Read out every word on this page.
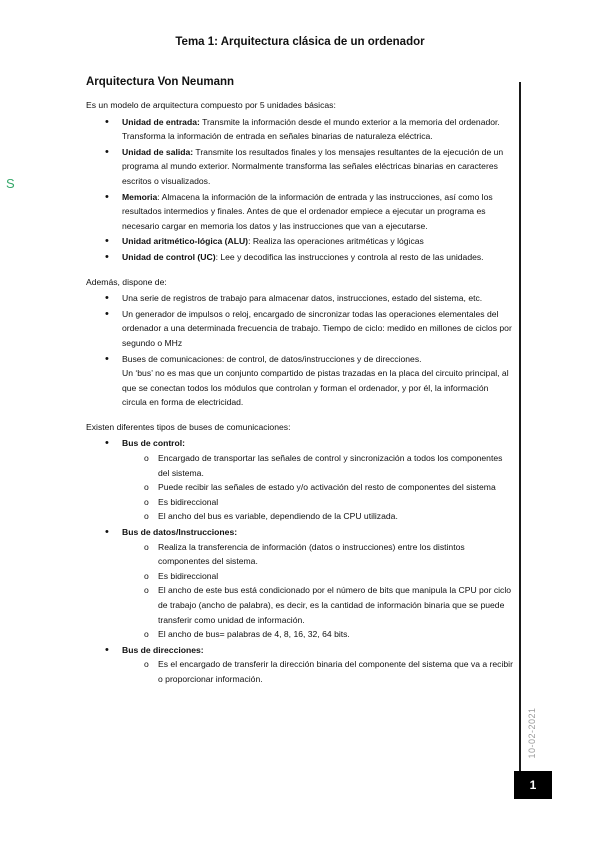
Tema 1: Arquitectura clásica de un ordenador
Arquitectura Von Neumann
S

Es un modelo de arquitectura compuesto por 5 unidades básicas:

• Unidad de entrada: Transmite la información desde el mundo exterior a la memoria del ordenador. Transforma la información de entrada en señales binarias de naturaleza eléctrica.
• Unidad de salida: Transmite los resultados finales y los mensajes resultantes de la ejecución de un programa al mundo exterior. Normalmente transforma las señales eléctricas binarias en caracteres escritos o visualizados.
• Memoria: Almacena la información de la información de entrada y las instrucciones, así como los resultados intermedios y finales. Antes de que el ordenador empiece a ejecutar un programa es necesario cargar en memoria los datos y las instrucciones que van a ejecutarse.
• Unidad aritmético-lógica (ALU): Realiza las operaciones aritméticas y lógicas
• Unidad de control (UC): Lee y decodifica las instrucciones y controla al resto de las unidades.

Además, dispone de:

• Una serie de registros de trabajo para almacenar datos, instrucciones, estado del sistema, etc.
• Un generador de impulsos o reloj, encargado de sincronizar todas las operaciones elementales del ordenador a una determinada frecuencia de trabajo. Tiempo de ciclo: medido en millones de ciclos por segundo o MHz
• Buses de comunicaciones: de control, de datos/instrucciones y de direcciones.
Un ‘bus’ no es mas que un conjunto compartido de pistas trazadas en la placa del circuito principal, al que se conectan todos los módulos que controlan y forman el ordenador, y por él, la información circula en forma de electricidad.

Existen diferentes tipos de buses de comunicaciones:

• Bus de control:
o Encargado de transportar las señales de control y sincronización a todos los componentes del sistema.
o Puede recibir las señales de estado y/o activación del resto de componentes del sistema
o Es bidireccional
o El ancho del bus es variable, dependiendo de la CPU utilizada.
• Bus de datos/Instrucciones:
o Realiza la transferencia de información (datos o instrucciones) entre los distintos componentes del sistema.
o Es bidireccional
o El ancho de este bus está condicionado por el número de bits que manipula la CPU por ciclo de trabajo (ancho de palabra), es decir, es la cantidad de información binaria que se puede transferir como unidad de información.
o El ancho de bus= palabras de 4, 8, 16, 32, 64 bits.
• Bus de direcciones:
o Es el encargado de transferir la dirección binaria del componente del sistema que va a recibir o proporcionar información.
10-02-2021
1
